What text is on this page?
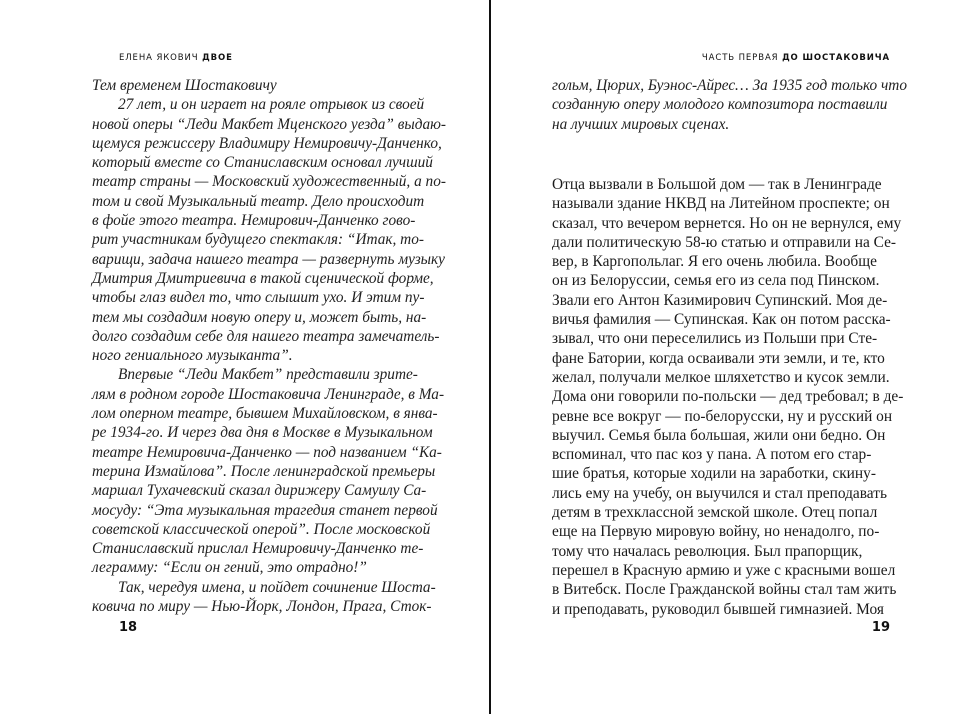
ЕЛЕНА ЯКОВИЧ ДВОЕ	ЧАСТЬ ПЕРВАЯ ДО ШОСТАКОВИЧА
Тем временем Шостаковичу
27 лет, и он играет на рояле отрывок из своей
новой оперы “Леди Макбет Мценского уезда” выдаю-
щемуся режиссеру Владимиру Немировичу-Данченко,
который вместе со Станиславским основал лучший
театр страны — Московский художественный, а по-
том и свой Музыкальный театр. Дело происходит
в фойе этого театра. Немирович-Данченко гово-
рит участникам будущего спектакля: “Итак, то-
варищи, задача нашего театра — развернуть музыку
Дмитрия Дмитриевича в такой сценической форме,
чтобы глаз видел то, что слышит ухо. И этим пу-
тем мы создадим новую оперу и, может быть, на-
долго создадим себе для нашего театра замечатель-
ного гениального музыканта”.
Впервые “Леди Макбет” представили зрите-
лям в родном городе Шостаковича Ленинграде, в Ма-
лом оперном театре, бывшем Михайловском, в янва-
ре 1934-го. И через два дня в Москве в Музыкальном
театре Немировича-Данченко — под названием “Ка-
терина Измайлова”. После ленинградской премьеры
маршал Тухачевский сказал дирижеру Самуилу Са-
мосуду: “Эта музыкальная трагедия станет первой
советской классической оперой”. После московской
Станиславский прислал Немировичу-Данченко те-
леграмму: “Если он гений, это отрадно!”
Так, чередуя имена, и пойдет сочинение Шоста-
ковича по миру — Нью-Йорк, Лондон, Прага, Сток-
гольм, Цюрих, Буэнос-Айрес… За 1935 год только что
созданную оперу молодого композитора поставили
на лучших мировых сценах.
Отца вызвали в Большой дом — так в Ленинграде
называли здание НКВД на Литейном проспекте; он
сказал, что вечером вернется. Но он не вернулся, ему
дали политическую 58-ю статью и отправили на Се-
вер, в Каргопольлаг. Я его очень любила. Вообще
он из Белоруссии, семья его из села под Пинском.
Звали его Антон Казимирович Супинский. Моя де-
вичья фамилия — Супинская. Как он потом расска-
зывал, что они переселились из Польши при Сте-
фане Батории, когда осваивали эти земли, и те, кто
желал, получали мелкое шляхетство и кусок земли.
Дома они говорили по-польски — дед требовал; в де-
ревне все вокруг — по-белорусски, ну и русский он
выучил. Семья была большая, жили они бедно. Он
вспоминал, что пас коз у пана. А потом его стар-
шие братья, которые ходили на заработки, скину-
лись ему на учебу, он выучился и стал преподавать
детям в трехклассной земской школе. Отец попал
еще на Первую мировую войну, но ненадолго, по-
тому что началась революция. Был прапорщик,
перешел в Красную армию и уже с красными вошел
в Витебск. После Гражданской войны стал там жить
и преподавать, руководил бывшей гимназией. Моя
18	19
